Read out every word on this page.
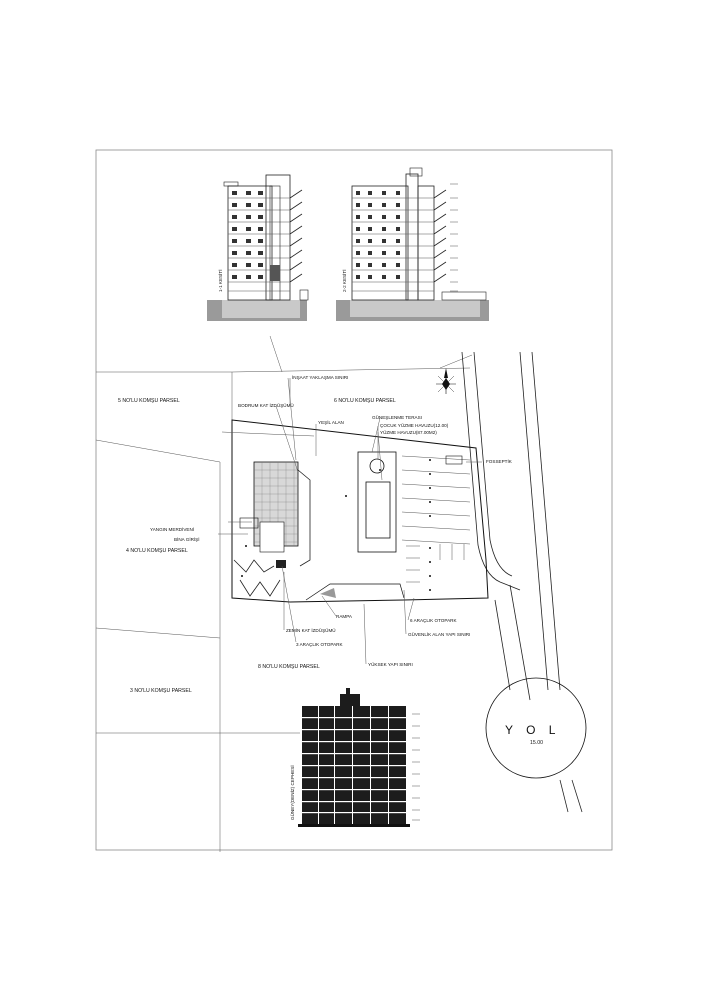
1-1 KESİTİ	2-2 KESİTİ
5 NO'LU KOMŞU PARSEL	6 NO'LU KOMŞU PARSEL
4 NO'LU KOMŞU PARSEL
8 NO'LU KOMŞU PARSEL
3 NO'LU KOMŞU PARSEL
İNŞAAT YAKLAŞMA SINIRI
BODRUM KAT İZDÜŞÜMÜ
YEŞİL ALAN
GÜNEŞLENME TERASI
ÇOCUK YÜZME HAVUZU(12.00)
YÜZME HAVUZU(87.00M2)
FOSSEPTİK
YANGIN MERDİVENİ
BİNA GİRİŞİ
RAMPA
ZEMİN KAT İZDÜŞÜMÜ
3 ARAÇLIK OTOPARK
6 ARAÇLIK OTOPARK
GÜVENLİK ALAN YAPI SINIRI
YÜKSEK YAPI SINIRI
Y O L
15.00
GÜNEY(DENİZ) CEPHESİ
